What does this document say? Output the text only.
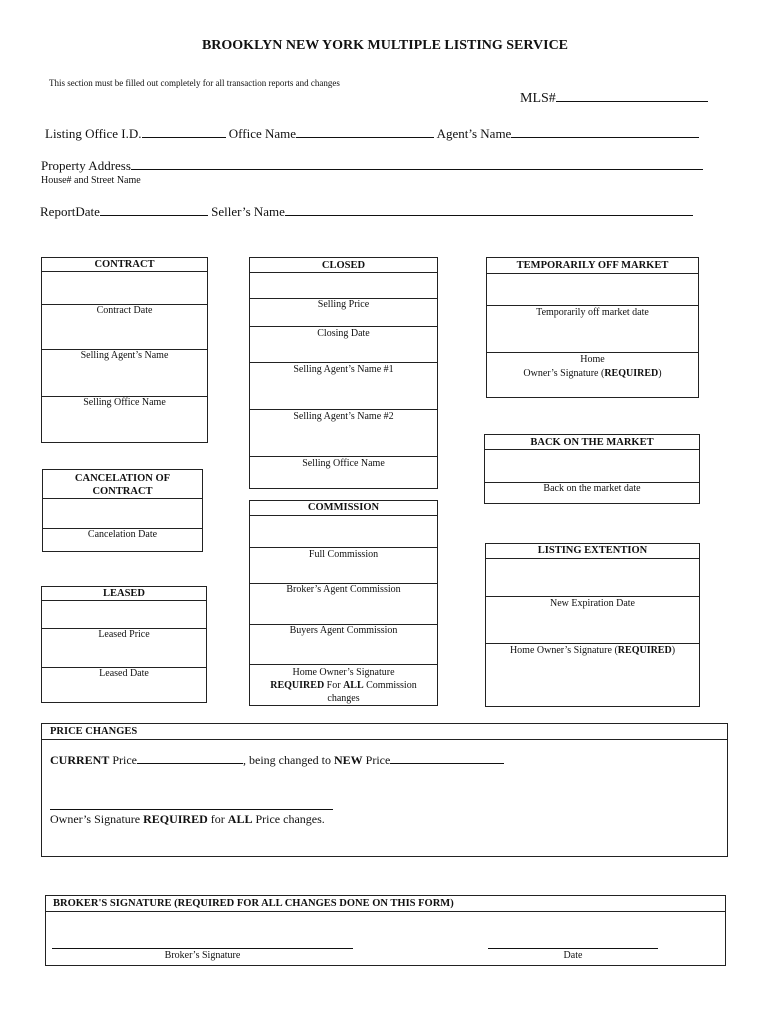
BROOKLYN NEW YORK MULTIPLE LISTING SERVICE
This section must be filled out completely for all transaction reports and changes
MLS#
Listing Office I.D.	Office Name	Agent’s Name
Property Address
House# and Street Name
ReportDate	Seller’s Name
CONTRACT
Contract Date
Selling Agent’s Name
Selling Office Name
CANCELATION OF
CONTRACT
Cancelation Date
LEASED
Leased Price
Leased Date
CLOSED
Selling Price
Closing Date
Selling Agent’s Name #1
Selling Agent’s Name #2
Selling Office Name
COMMISSION
Full Commission
Broker’s Agent Commission
Buyers Agent Commission
Home Owner’s Signature
REQUIRED For ALL Commission
changes
TEMPORARILY OFF MARKET
Temporarily off market date
Home
Owner’s Signature (REQUIRED)
BACK ON THE MARKET
Back on the market date
LISTING EXTENTION
New Expiration Date
Home Owner’s Signature (REQUIRED)
PRICE CHANGES
CURRENT Price	, being changed to NEW Price
Owner’s Signature REQUIRED for ALL Price changes.
BROKER'S SIGNATURE (REQUIRED FOR ALL CHANGES DONE ON THIS FORM)
Broker’s Signature	Date
